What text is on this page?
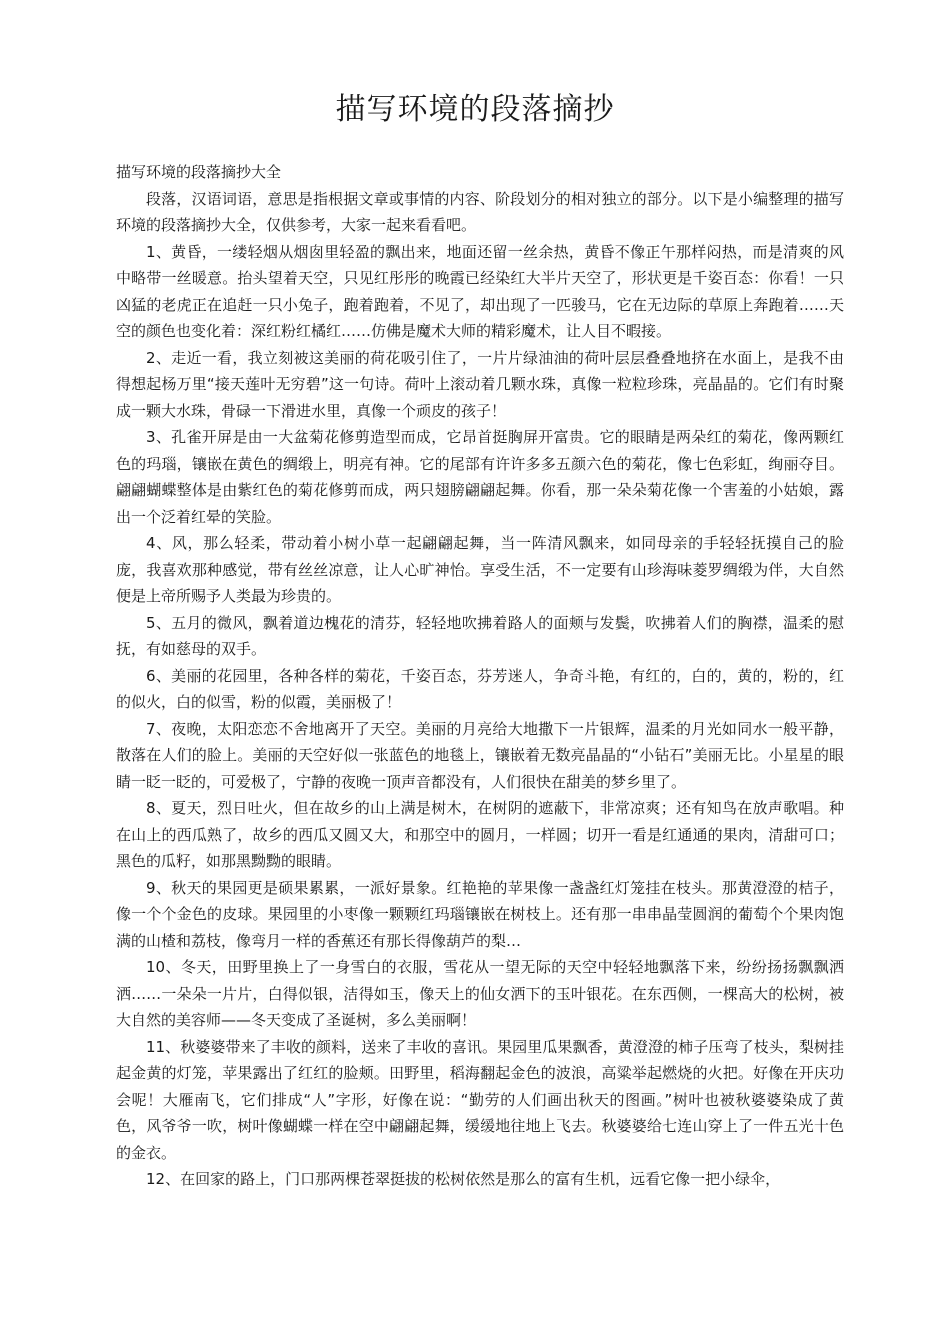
描写环境的段落摘抄

描写环境的段落摘抄大全

段落，汉语词语，意思是指根据文章或事情的内容、阶段划分的相对独立的部分。以下是小编整理的描写环境的段落摘抄大全，仅供参考，大家一起来看看吧。

1、黄昏，一缕轻烟从烟囱里轻盈的飘出来，地面还留一丝余热，黄昏不像正午那样闷热，而是清爽的风中略带一丝暖意。抬头望着天空，只见红彤彤的晚霞已经染红大半片天空了，形状更是千姿百态：你看！一只凶猛的老虎正在追赶一只小兔子，跑着跑着，不见了，却出现了一匹骏马，它在无边际的草原上奔跑着……天空的颜色也变化着：深红粉红橘红……仿佛是魔术大师的精彩魔术，让人目不暇接。

2、走近一看，我立刻被这美丽的荷花吸引住了，一片片绿油油的荷叶层层叠叠地挤在水面上，是我不由得想起杨万里“接天莲叶无穷碧”这一句诗。荷叶上滚动着几颗水珠，真像一粒粒珍珠，亮晶晶的。它们有时聚成一颗大水珠，骨碌一下滑进水里，真像一个顽皮的孩子！

3、孔雀开屏是由一大盆菊花修剪造型而成，它昂首挺胸屏开富贵。它的眼睛是两朵红的菊花，像两颗红色的玛瑙，镶嵌在黄色的绸缎上，明亮有神。它的尾部有许许多多五颜六色的菊花，像七色彩虹，绚丽夺目。翩翩蝴蝶整体是由紫红色的菊花修剪而成，两只翅膀翩翩起舞。你看，那一朵朵菊花像一个害羞的小姑娘，露出一个泛着红晕的笑脸。

4、风，那么轻柔，带动着小树小草一起翩翩起舞，当一阵清风飘来，如同母亲的手轻轻抚摸自己的脸庞，我喜欢那种感觉，带有丝丝凉意，让人心旷神怡。享受生活，不一定要有山珍海味菱罗绸缎为伴，大自然便是上帝所赐予人类最为珍贵的。

5、五月的微风，飘着道边槐花的清芬，轻轻地吹拂着路人的面颊与发鬓，吹拂着人们的胸襟，温柔的慰抚，有如慈母的双手。

6、美丽的花园里，各种各样的菊花，千姿百态，芬芳迷人，争奇斗艳，有红的，白的，黄的，粉的，红的似火，白的似雪，粉的似霞，美丽极了！

7、夜晚，太阳恋恋不舍地离开了天空。美丽的月亮给大地撒下一片银辉，温柔的月光如同水一般平静，散落在人们的脸上。美丽的天空好似一张蓝色的地毯上，镶嵌着无数亮晶晶的“小钻石”美丽无比。小星星的眼睛一眨一眨的，可爱极了，宁静的夜晚一顶声音都没有，人们很快在甜美的梦乡里了。

8、夏天，烈日吐火，但在故乡的山上满是树木，在树阴的遮蔽下，非常凉爽；还有知鸟在放声歌唱。种在山上的西瓜熟了，故乡的西瓜又圆又大，和那空中的圆月，一样圆；切开一看是红通通的果肉，清甜可口；黑色的瓜籽，如那黑黝黝的眼睛。

9、秋天的果园更是硕果累累，一派好景象。红艳艳的苹果像一盏盏红灯笼挂在枝头。那黄澄澄的桔子，像一个个金色的皮球。果园里的小枣像一颗颗红玛瑙镶嵌在树枝上。还有那一串串晶莹圆润的葡萄个个果肉饱满的山楂和荔枝，像弯月一样的香蕉还有那长得像葫芦的梨…

10、冬天，田野里换上了一身雪白的衣服，雪花从一望无际的天空中轻轻地飘落下来，纷纷扬扬飘飘洒洒……一朵朵一片片，白得似银，洁得如玉，像天上的仙女洒下的玉叶银花。在东西侧，一棵高大的松树，被大自然的美容师——冬天变成了圣诞树，多么美丽啊！

11、秋婆婆带来了丰收的颜料，送来了丰收的喜讯。果园里瓜果飘香，黄澄澄的柿子压弯了枝头，梨树挂起金黄的灯笼，苹果露出了红红的脸颊。田野里，稻海翻起金色的波浪，高粱举起燃烧的火把。好像在开庆功会呢！大雁南飞，它们排成“人”字形，好像在说：“勤劳的人们画出秋天的图画。”树叶也被秋婆婆染成了黄色，风爷爷一吹，树叶像蝴蝶一样在空中翩翩起舞，缓缓地往地上飞去。秋婆婆给七连山穿上了一件五光十色的金衣。

12、在回家的路上，门口那两棵苍翠挺拔的松树依然是那么的富有生机，远看它像一把小绿伞，
